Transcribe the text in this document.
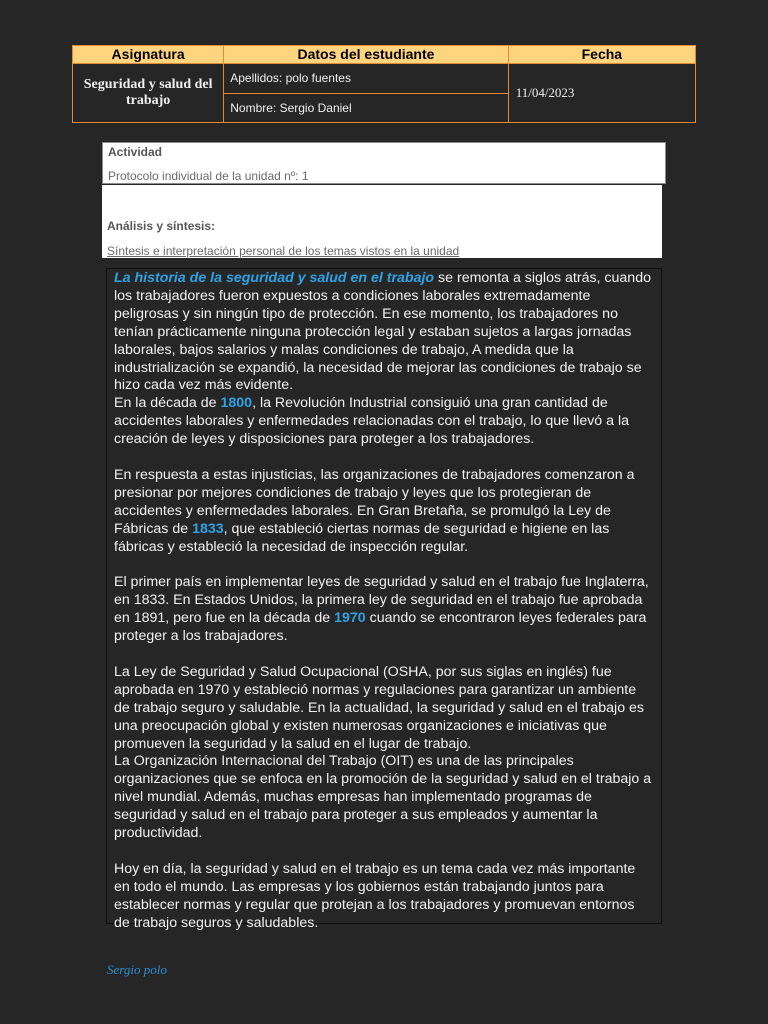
Asignatura	Datos del estudiante	Fecha
Seguridad y salud del trabajo	Apellidos: polo fuentes	11/04/2023
	Nombre: Sergio Daniel	

Actividad

Protocolo individual de la unidad nº: 1

Análisis y síntesis:

Síntesis e interpretación personal de los temas vistos en la unidad

La historia de la seguridad y salud en el trabajo se remonta a siglos atrás, cuando los trabajadores fueron expuestos a condiciones laborales extremadamente peligrosas y sin ningún tipo de protección. En ese momento, los trabajadores no tenían prácticamente ninguna protección legal y estaban sujetos a largas jornadas laborales, bajos salarios y malas condiciones de trabajo, A medida que la industrialización se expandió, la necesidad de mejorar las condiciones de trabajo se hizo cada vez más evidente.

En la década de 1800, la Revolución Industrial consiguió una gran cantidad de accidentes laborales y enfermedades relacionadas con el trabajo, lo que llevó a la creación de leyes y disposiciones para proteger a los trabajadores.

En respuesta a estas injusticias, las organizaciones de trabajadores comenzaron a presionar por mejores condiciones de trabajo y leyes que los protegieran de accidentes y enfermedades laborales. En Gran Bretaña, se promulgó la Ley de Fábricas de 1833, que estableció ciertas normas de seguridad e higiene en las fábricas y estableció la necesidad de inspección regular.

El primer país en implementar leyes de seguridad y salud en el trabajo fue Inglaterra, en 1833. En Estados Unidos, la primera ley de seguridad en el trabajo fue aprobada en 1891, pero fue en la década de 1970 cuando se encontraron leyes federales para proteger a los trabajadores.

La Ley de Seguridad y Salud Ocupacional (OSHA, por sus siglas en inglés) fue aprobada en 1970 y estableció normas y regulaciones para garantizar un ambiente de trabajo seguro y saludable. En la actualidad, la seguridad y salud en el trabajo es una preocupación global y existen numerosas organizaciones e iniciativas que promueven la seguridad y la salud en el lugar de trabajo.

La Organización Internacional del Trabajo (OIT) es una de las principales organizaciones que se enfoca en la promoción de la seguridad y salud en el trabajo a nivel mundial. Además, muchas empresas han implementado programas de seguridad y salud en el trabajo para proteger a sus empleados y aumentar la productividad.

Hoy en día, la seguridad y salud en el trabajo es un tema cada vez más importante en todo el mundo. Las empresas y los gobiernos están trabajando juntos para establecer normas y regular que protejan a los trabajadores y promuevan entornos de trabajo seguros y saludables.

Sergio polo
